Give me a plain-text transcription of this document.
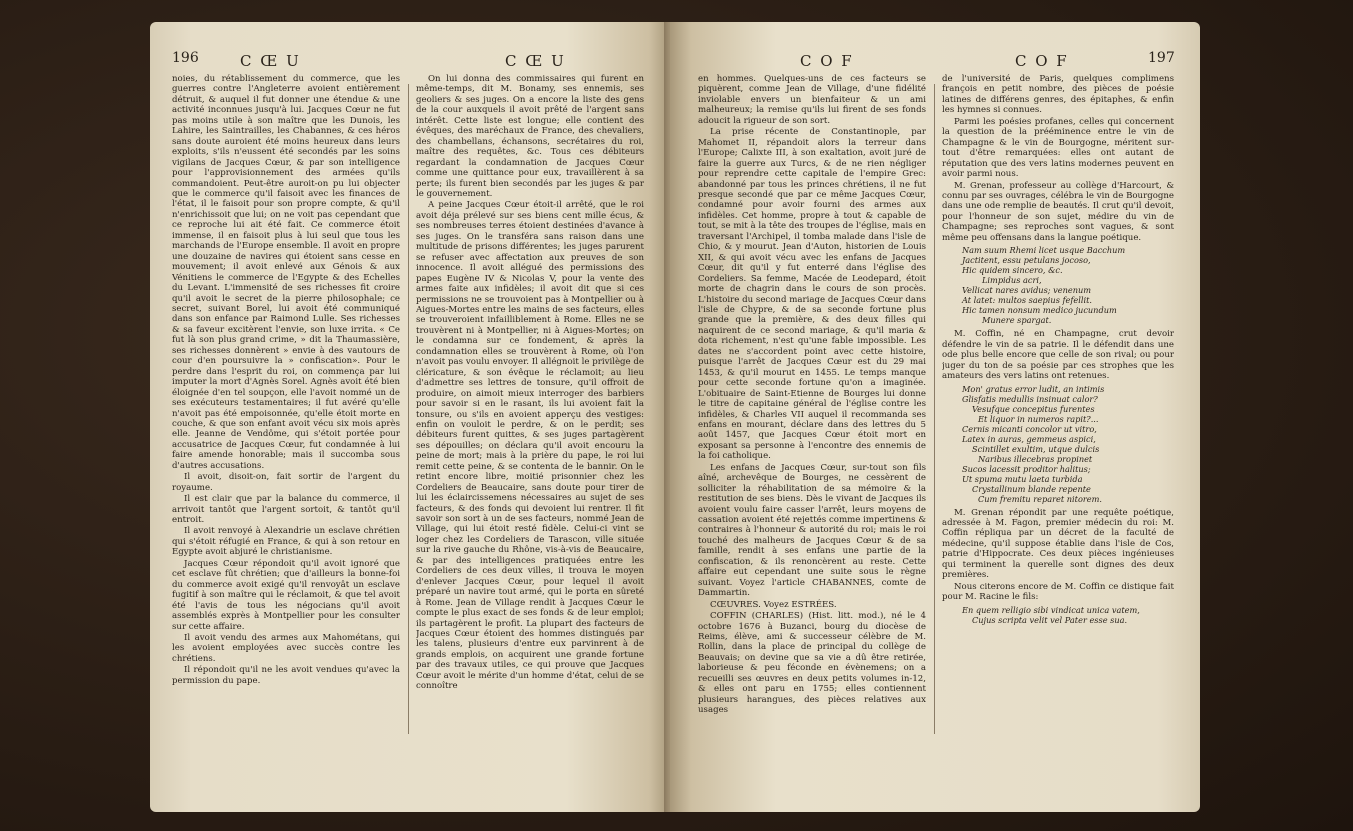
196	C Œ U	C Œ U

noies, du rétablissement du commerce, que les guerres contre l'Angleterre avoient entièrement détruit, & auquel il fut donner une étendue & une activité inconnues jusqu'à lui. Jacques Cœur ne fut pas moins utile à son maître que les Dunois, les Lahire, les Saintrailles, les Chabannes, & ces héros sans doute auroient été moins heureux dans leurs exploits, s'ils n'eussent été secondés par les soins vigilans de Jacques Cœur, & par son intelligence pour l'approvisionnement des armées qu'ils commandoient. Peut-être auroit-on pu lui objecter que le commerce qu'il faisoit avec les finances de l'état, il le faisoit pour son propre compte, & qu'il n'enrichissoit que lui; on ne voit pas cependant que ce reproche lui ait été fait. Ce commerce étoit immense, il en faisoit plus à lui seul que tous les marchands de l'Europe ensemble. Il avoit en propre une douzaine de navires qui étoient sans cesse en mouvement; il avoit enlevé aux Génois & aux Vénitiens le commerce de l'Egypte & des Echelles du Levant. L'immensité de ses richesses fit croire qu'il avoit le secret de la pierre philosophale; ce secret, suivant Borel, lui avoit été communiqué dans son enfance par Raimond Lulle. Ses richesses & sa faveur excitèrent l'envie, son luxe irrita. « Ce fut là son plus grand crime, » dit la Thaumassière, ses richesses donnèrent » envie à des vautours de cour d'en poursuivre la » confiscation». Pour le perdre dans l'esprit du roi, on commença par lui imputer la mort d'Agnès Sorel. Agnès avoit été bien éloignée d'en tel soupçon, elle l'avoit nommé un de ses exécuteurs testamentaires; il fut avéré qu'elle n'avoit pas été empoisonnée, qu'elle étoit morte en couche, & que son enfant avoit vécu six mois après elle. Jeanne de Vendôme, qui s'étoit portée pour accusatrice de Jacques Cœur, fut condamnée à lui faire amende honorable; mais il succomba sous d'autres accusations.

Il avoit, disoit-on, fait sortir de l'argent du royaume.

Il est clair que par la balance du commerce, il arrivoit tantôt que l'argent sortoit, & tantôt qu'il entroit.

Il avoit renvoyé à Alexandrie un esclave chrétien qui s'étoit réfugié en France, & qui à son retour en Egypte avoit abjuré le christianisme.

Jacques Cœur répondoit qu'il avoit ignoré que cet esclave fût chrétien; que d'ailleurs la bonne-foi du commerce avoit exigé qu'il renvoyât un esclave fugitif à son maître qui le réclamoit, & que tel avoit été l'avis de tous les négocians qu'il avoit assemblés exprès à Montpellier pour les consulter sur cette affaire.

Il avoit vendu des armes aux Mahométans, qui les avoient employées avec succès contre les chrétiens.

Il répondoit qu'il ne les avoit vendues qu'avec la permission du pape.

On lui donna des commissaires qui furent en même-temps, dit M. Bonamy, ses ennemis, ses geoliers & ses juges. On a encore la liste des gens de la cour auxquels il avoit prêté de l'argent sans intérêt. Cette liste est longue; elle contient des évêques, des maréchaux de France, des chevaliers, des chambellans, échansons, secrétaires du roi, maître des requêtes, &c. Tous ces débiteurs regardant la condamnation de Jacques Cœur comme une quittance pour eux, travaillèrent à sa perte; ils furent bien secondés par les juges & par le gouvernement.

A peine Jacques Cœur étoit-il arrêté, que le roi avoit déja prélevé sur ses biens cent mille écus, & ses nombreuses terres étoient destinées d'avance à ses juges. On le transféra sans raison dans une multitude de prisons différentes; les juges parurent se refuser avec affectation aux preuves de son innocence. Il avoit allégué des permissions des papes Eugène IV & Nicolas V, pour la vente des armes faite aux infidèles; il avoit dit que si ces permissions ne se trouvoient pas à Montpellier ou à Aigues-Mortes entre les mains de ses facteurs, elles se trouveroient infailliblement à Rome. Elles ne se trouvèrent ni à Montpellier, ni à Aigues-Mortes; on le condamna sur ce fondement, & après la condamnation elles se trouvèrent à Rome, où l'on n'avoit pas voulu envoyer. Il allégnoit le privilège de cléricature, & son évêque le réclamoit; au lieu d'admettre ses lettres de tonsure, qu'il offroit de produire, on aimoit mieux interroger des barbiers pour savoir si en le rasant, ils lui avoient fait la tonsure, ou s'ils en avoient apperçu des vestiges: enfin on vouloit le perdre, & on le perdit; ses débiteurs furent quittes, & ses juges partagèrent ses dépouilles; on déclara qu'il avoit encouru la peine de mort; mais à la prière du pape, le roi lui remit cette peine, & se contenta de le bannir. On le retint encore libre, moitié prisonnier chez les Cordeliers de Beaucaire, sans doute pour tirer de lui les éclaircissemens nécessaires au sujet de ses facteurs, & des fonds qui devoient lui rentrer. Il fit savoir son sort à un de ses facteurs, nommé Jean de Village, qui lui étoit resté fidèle. Celui-ci vint se loger chez les Cordeliers de Tarascon, ville située sur la rive gauche du Rhône, vis-à-vis de Beaucaire, & par des intelligences pratiquées entre les Cordeliers de ces deux villes, il trouva le moyen d'enlever Jacques Cœur, pour lequel il avoit préparé un navire tout armé, qui le porta en sûreté à Rome. Jean de Village rendit à Jacques Cœur le compte le plus exact de ses fonds & de leur emploi; ils partagèrent le profit. La plupart des facteurs de Jacques Cœur étoient des hommes distingués par les talens, plusieurs d'entre eux parvinrent à de grands emplois, on acquirent une grande fortune par des travaux utiles, ce qui prouve que Jacques Cœur avoit le mérite d'un homme d'état, celui de se connoître

C O F	C O F	197

en hommes. Quelques-uns de ces facteurs se piquèrent, comme Jean de Village, d'une fidélité inviolable envers un bienfaiteur & un ami malheureux; la remise qu'ils lui firent de ses fonds adoucit la rigueur de son sort.

La prise récente de Constantinople, par Mahomet II, répandoit alors la terreur dans l'Europe; Calixte III, à son exaltation, avoit juré de faire la guerre aux Turcs, & de ne rien négliger pour reprendre cette capitale de l'empire Grec: abandonné par tous les princes chrétiens, il ne fut presque secondé que par ce même Jacques Cœur, condamné pour avoir fourni des armes aux infidèles. Cet homme, propre à tout & capable de tout, se mit à la tête des troupes de l'église, mais en traversant l'Archipel, il tomba malade dans l'isle de Chio, & y mourut. Jean d'Auton, historien de Louis XII, & qui avoit vécu avec les enfans de Jacques Cœur, dit qu'il y fut enterré dans l'église des Cordeliers. Sa femme, Macée de Leodepard, étoit morte de chagrin dans le cours de son procès. L'histoire du second mariage de Jacques Cœur dans l'isle de Chypre, & de sa seconde fortune plus grande que la première, & des deux filles qui naquirent de ce second mariage, & qu'il maria & dota richement, n'est qu'une fable impossible. Les dates ne s'accordent point avec cette histoire, puisque l'arrêt de Jacques Cœur est du 29 mai 1453, & qu'il mourut en 1455. Le temps manque pour cette seconde fortune qu'on a imaginée. L'obituaire de Saint-Etienne de Bourges lui donne le titre de capitaine général de l'église contre les infidèles, & Charles VII auquel il recommanda ses enfans en mourant, déclare dans des lettres du 5 août 1457, que Jacques Cœur étoit mort en exposant sa personne à l'encontre des ennemis de la foi catholique.

Les enfans de Jacques Cœur, sur-tout son fils aîné, archevêque de Bourges, ne cessèrent de solliciter la réhabilitation de sa mémoire & la restitution de ses biens. Dès le vivant de Jacques ils avoient voulu faire casser l'arrêt, leurs moyens de cassation avoient été rejettés comme impertinens & contraires à l'honneur & autorité du roi; mais le roi touché des malheurs de Jacques Cœur & de sa famille, rendit à ses enfans une partie de la confiscation, & ils renoncèrent au reste. Cette affaire eut cependant une suite sous le règne suivant. Voyez l'article CHABANNES, comte de Dammartin.

CŒUVRES. Voyez ESTRÉES.

COFFIN (CHARLES) (Hist. litt. mod.), né le 4 octobre 1676 à Buzanci, bourg du diocèse de Reims, élève, ami & successeur célèbre de M. Rollin, dans la place de principal du collège de Beauvais; on devine que sa vie a dû être retirée, laborieuse & peu féconde en évènemens; on a recueilli ses œuvres en deux petits volumes in-12, & elles ont paru en 1755; elles contiennent plusieurs harangues, des pièces relatives aux usages

de l'université de Paris, quelques complimens françois en petit nombre, des pièces de poésie latines de différens genres, des épitaphes, & enfin les hymnes si connues.

Parmi les poésies profanes, celles qui concernent la question de la prééminence entre le vin de Champagne & le vin de Bourgogne, méritent sur-tout d'être remarquées: elles ont autant de réputation que des vers latins modernes peuvent en avoir parmi nous.

M. Grenan, professeur au collège d'Harcourt, & connu par ses ouvrages, célébra le vin de Bourgogne dans une ode remplie de beautés. Il crut qu'il devoit, pour l'honneur de son sujet, médire du vin de Champagne; ses reproches sont vagues, & sont même peu offensans dans la langue poétique.

Nam suum Rhemi licet usque Bacchum
Jactitent, essu petulans jocoso,
Hic quidem sincero, &c.
Limpidus acri,
Vellicat nares avidus; venenum
At latet: multos saepius fefellit.
Hic tamen nonsum medico jucundum
Munere spargat.

M. Coffin, né en Champagne, crut devoir défendre le vin de sa patrie. Il le défendit dans une ode plus belle encore que celle de son rival; ou pour juger du ton de sa poésie par ces strophes que les amateurs des vers latins ont retenues.

Mon' gratus error ludit, an intimis
Glisfatis medullis insinuat calor?
Vesufque concepitus furentes
Et liquor in numeros rapit?...
Cernis micanti concolor ut vitro,
Latex in auras, gemmeus aspici,
Scintillet exultim, utque dulcis
Naribus illecebras propinet
Sucos lacessit proditor halitus;
Ut spuma mutu laeta turbida
Crystallinum blande repente
Cum fremitu reparet nitorem.

M. Grenan répondit par une requête poétique, adressée à M. Fagon, premier médecin du roi: M. Coffin répliqua par un décret de la faculté de médecine, qu'il suppose établie dans l'isle de Cos, patrie d'Hippocrate. Ces deux pièces ingénieuses qui terminent la querelle sont dignes des deux premières.

Nous citerons encore de M. Coffin ce distique fait pour M. Racine le fils:

En quem relligio sibi vindicat unica vatem,
Cujus scripta velit vel Pater esse sua.
